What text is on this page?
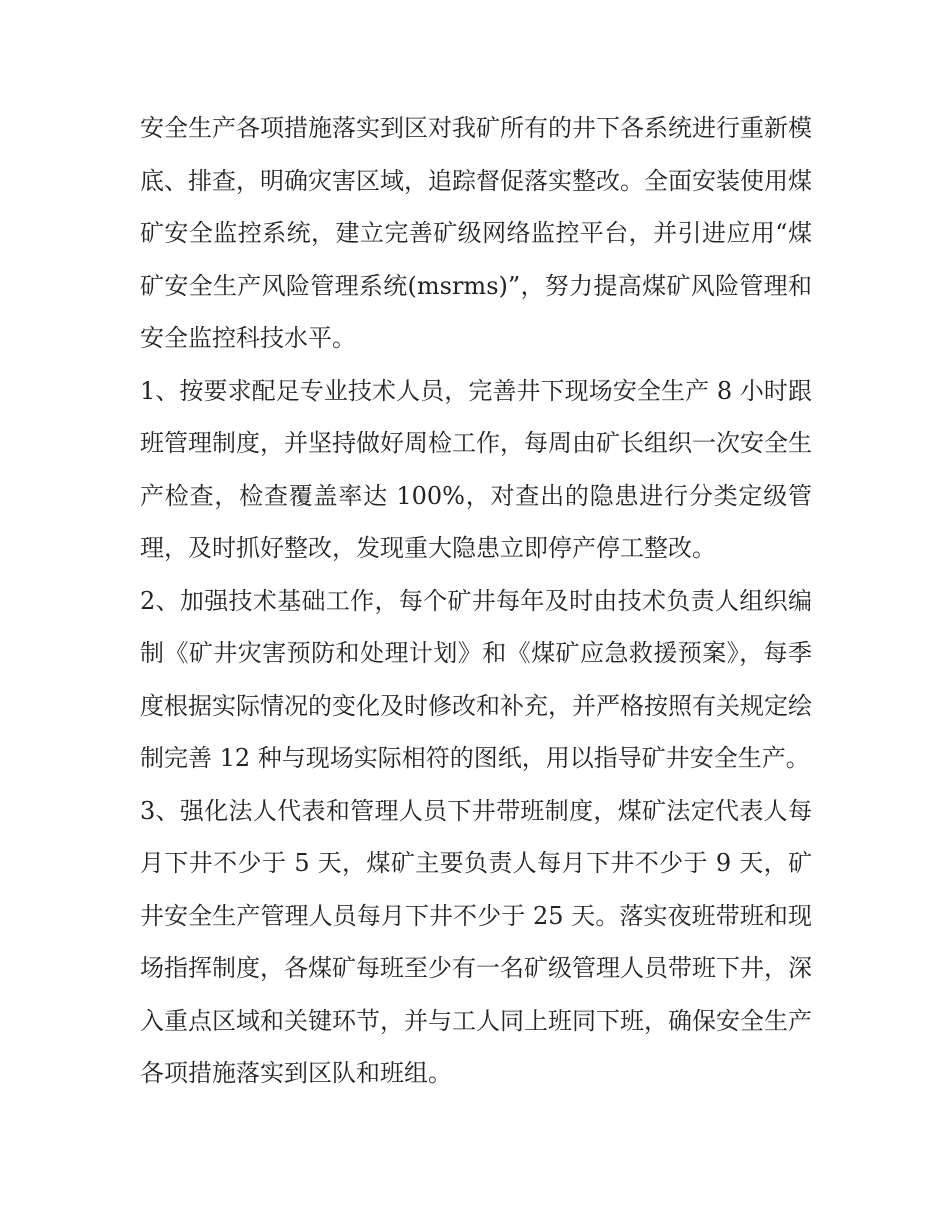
安全生产各项措施落实到区对我矿所有的井下各系统进行重新模底、排查，明确灾害区域，追踪督促落实整改。全面安装使用煤矿安全监控系统，建立完善矿级网络监控平台，并引进应用“煤矿安全生产风险管理系统(msrms)”，努力提高煤矿风险管理和安全监控科技水平。

1、按要求配足专业技术人员，完善井下现场安全生产 8 小时跟班管理制度，并坚持做好周检工作，每周由矿长组织一次安全生产检查，检查覆盖率达 100%，对查出的隐患进行分类定级管理，及时抓好整改，发现重大隐患立即停产停工整改。

2、加强技术基础工作，每个矿井每年及时由技术负责人组织编制《矿井灾害预防和处理计划》和《煤矿应急救援预案》，每季度根据实际情况的变化及时修改和补充，并严格按照有关规定绘制完善 12 种与现场实际相符的图纸，用以指导矿井安全生产。

3、强化法人代表和管理人员下井带班制度，煤矿法定代表人每月下井不少于 5 天，煤矿主要负责人每月下井不少于 9 天，矿井安全生产管理人员每月下井不少于 25 天。落实夜班带班和现场指挥制度，各煤矿每班至少有一名矿级管理人员带班下井，深入重点区域和关键环节，并与工人同上班同下班，确保安全生产各项措施落实到区队和班组。
